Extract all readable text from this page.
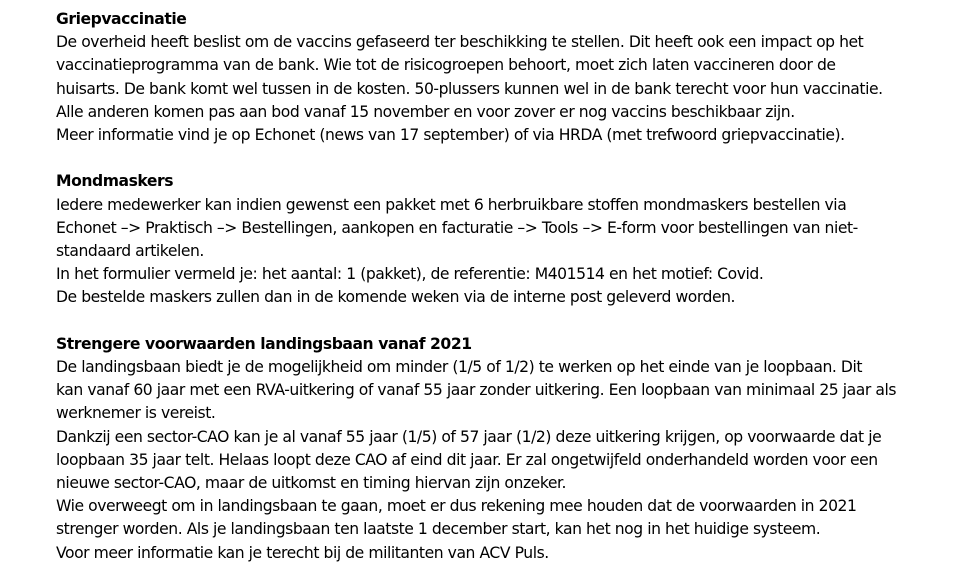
Griepvaccinatie
De overheid heeft beslist om de vaccins gefaseerd ter beschikking te stellen. Dit heeft ook een impact op het
vaccinatieprogramma van de bank. Wie tot de risicogroepen behoort, moet zich laten vaccineren door de
huisarts. De bank komt wel tussen in de kosten. 50-plussers kunnen wel in de bank terecht voor hun vaccinatie.
Alle anderen komen pas aan bod vanaf 15 november en voor zover er nog vaccins beschikbaar zijn.
Meer informatie vind je op Echonet (news van 17 september) of via HRDA (met trefwoord griepvaccinatie).
Mondmaskers
Iedere medewerker kan indien gewenst een pakket met 6 herbruikbare stoffen mondmaskers bestellen via
Echonet –> Praktisch –> Bestellingen, aankopen en facturatie –> Tools –> E-form voor bestellingen van niet-
standaard artikelen.
In het formulier vermeld je: het aantal: 1 (pakket), de referentie: M401514 en het motief: Covid.
De bestelde maskers zullen dan in de komende weken via de interne post geleverd worden.
Strengere voorwaarden landingsbaan vanaf 2021
De landingsbaan biedt je de mogelijkheid om minder (1/5 of 1/2) te werken op het einde van je loopbaan. Dit
kan vanaf 60 jaar met een RVA-uitkering of vanaf 55 jaar zonder uitkering. Een loopbaan van minimaal 25 jaar als
werknemer is vereist.
Dankzij een sector-CAO kan je al vanaf 55 jaar (1/5) of 57 jaar (1/2) deze uitkering krijgen, op voorwaarde dat je
loopbaan 35 jaar telt. Helaas loopt deze CAO af eind dit jaar. Er zal ongetwijfeld onderhandeld worden voor een
nieuwe sector-CAO, maar de uitkomst en timing hiervan zijn onzeker.
Wie overweegt om in landingsbaan te gaan, moet er dus rekening mee houden dat de voorwaarden in 2021
strenger worden. Als je landingsbaan ten laatste 1 december start, kan het nog in het huidige systeem.
Voor meer informatie kan je terecht bij de militanten van ACV Puls.
